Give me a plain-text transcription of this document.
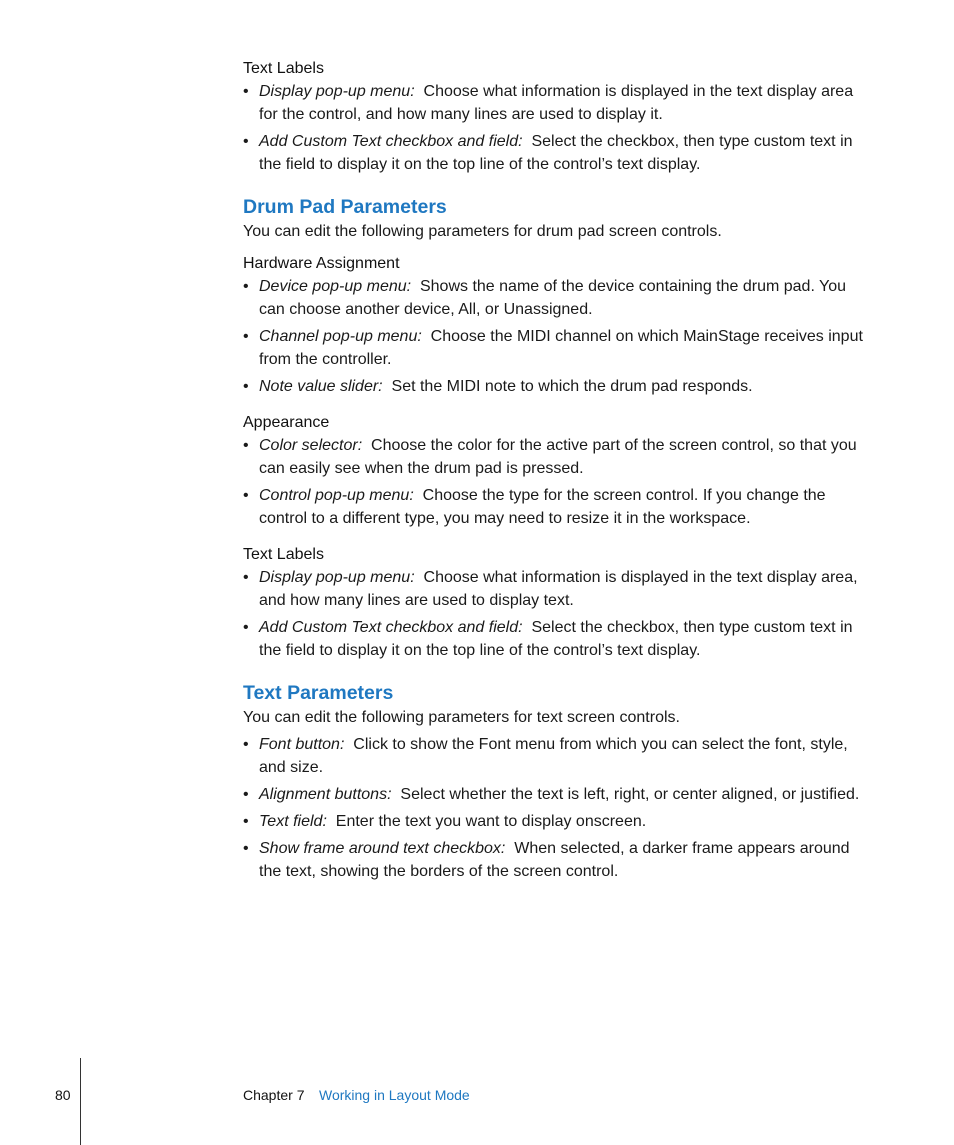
Text Labels
• Display pop-up menu: Choose what information is displayed in the text display area for the control, and how many lines are used to display it.
• Add Custom Text checkbox and field: Select the checkbox, then type custom text in the field to display it on the top line of the control’s text display.
Drum Pad Parameters

You can edit the following parameters for drum pad screen controls.

Hardware Assignment
• Device pop-up menu: Shows the name of the device containing the drum pad. You can choose another device, All, or Unassigned.
• Channel pop-up menu: Choose the MIDI channel on which MainStage receives input from the controller.
• Note value slider: Set the MIDI note to which the drum pad responds.
Appearance
• Color selector: Choose the color for the active part of the screen control, so that you can easily see when the drum pad is pressed.
• Control pop-up menu: Choose the type for the screen control. If you change the control to a different type, you may need to resize it in the workspace.
Text Labels
• Display pop-up menu: Choose what information is displayed in the text display area, and how many lines are used to display text.
• Add Custom Text checkbox and field: Select the checkbox, then type custom text in the field to display it on the top line of the control’s text display.
Text Parameters

You can edit the following parameters for text screen controls.

• Font button: Click to show the Font menu from which you can select the font, style, and size.
• Alignment buttons: Select whether the text is left, right, or center aligned, or justified.
• Text field: Enter the text you want to display onscreen.
• Show frame around text checkbox: When selected, a darker frame appears around the text, showing the borders of the screen control.
80	Chapter 7 Working in Layout Mode
